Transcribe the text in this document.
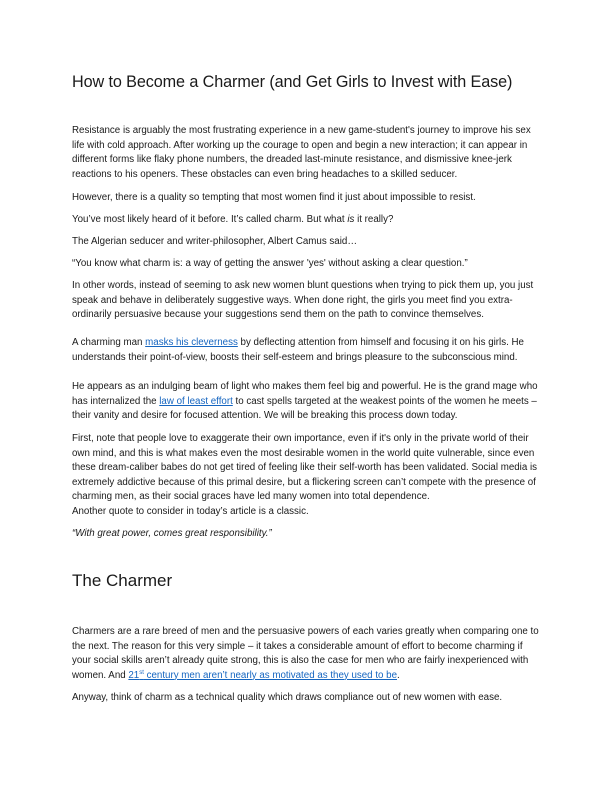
How to Become a Charmer (and Get Girls to Invest with Ease)
Resistance is arguably the most frustrating experience in a new game-student's journey to improve his sex life with cold approach. After working up the courage to open and begin a new interaction; it can appear in different forms like flaky phone numbers, the dreaded last-minute resistance, and dismissive knee-jerk reactions to his openers. These obstacles can even bring headaches to a skilled seducer.
However, there is a quality so tempting that most women find it just about impossible to resist.
You’ve most likely heard of it before. It’s called charm. But what is it really?
The Algerian seducer and writer-philosopher, Albert Camus said…
“You know what charm is: a way of getting the answer 'yes' without asking a clear question.”
In other words, instead of seeming to ask new women blunt questions when trying to pick them up, you just speak and behave in deliberately suggestive ways. When done right, the girls you meet find you extra-ordinarily persuasive because your suggestions send them on the path to convince themselves.
A charming man masks his cleverness by deflecting attention from himself and focusing it on his girls. He understands their point-of-view, boosts their self-esteem and brings pleasure to the subconscious mind.
He appears as an indulging beam of light who makes them feel big and powerful. He is the grand mage who has internalized the law of least effort to cast spells targeted at the weakest points of the women he meets – their vanity and desire for focused attention. We will be breaking this process down today.
First, note that people love to exaggerate their own importance, even if it's only in the private world of their own mind, and this is what makes even the most desirable women in the world quite vulnerable, since even these dream-caliber babes do not get tired of feeling like their self-worth has been validated. Social media is extremely addictive because of this primal desire, but a flickering screen can’t compete with the presence of charming men, as their social graces have led many women into total dependence.
Another quote to consider in today’s article is a classic.
“With great power, comes great responsibility.”
The Charmer
Charmers are a rare breed of men and the persuasive powers of each varies greatly when comparing one to the next. The reason for this very simple – it takes a considerable amount of effort to become charming if your social skills aren’t already quite strong, this is also the case for men who are fairly inexperienced with women. And 21st century men aren’t nearly as motivated as they used to be.
Anyway, think of charm as a technical quality which draws compliance out of new women with ease.
